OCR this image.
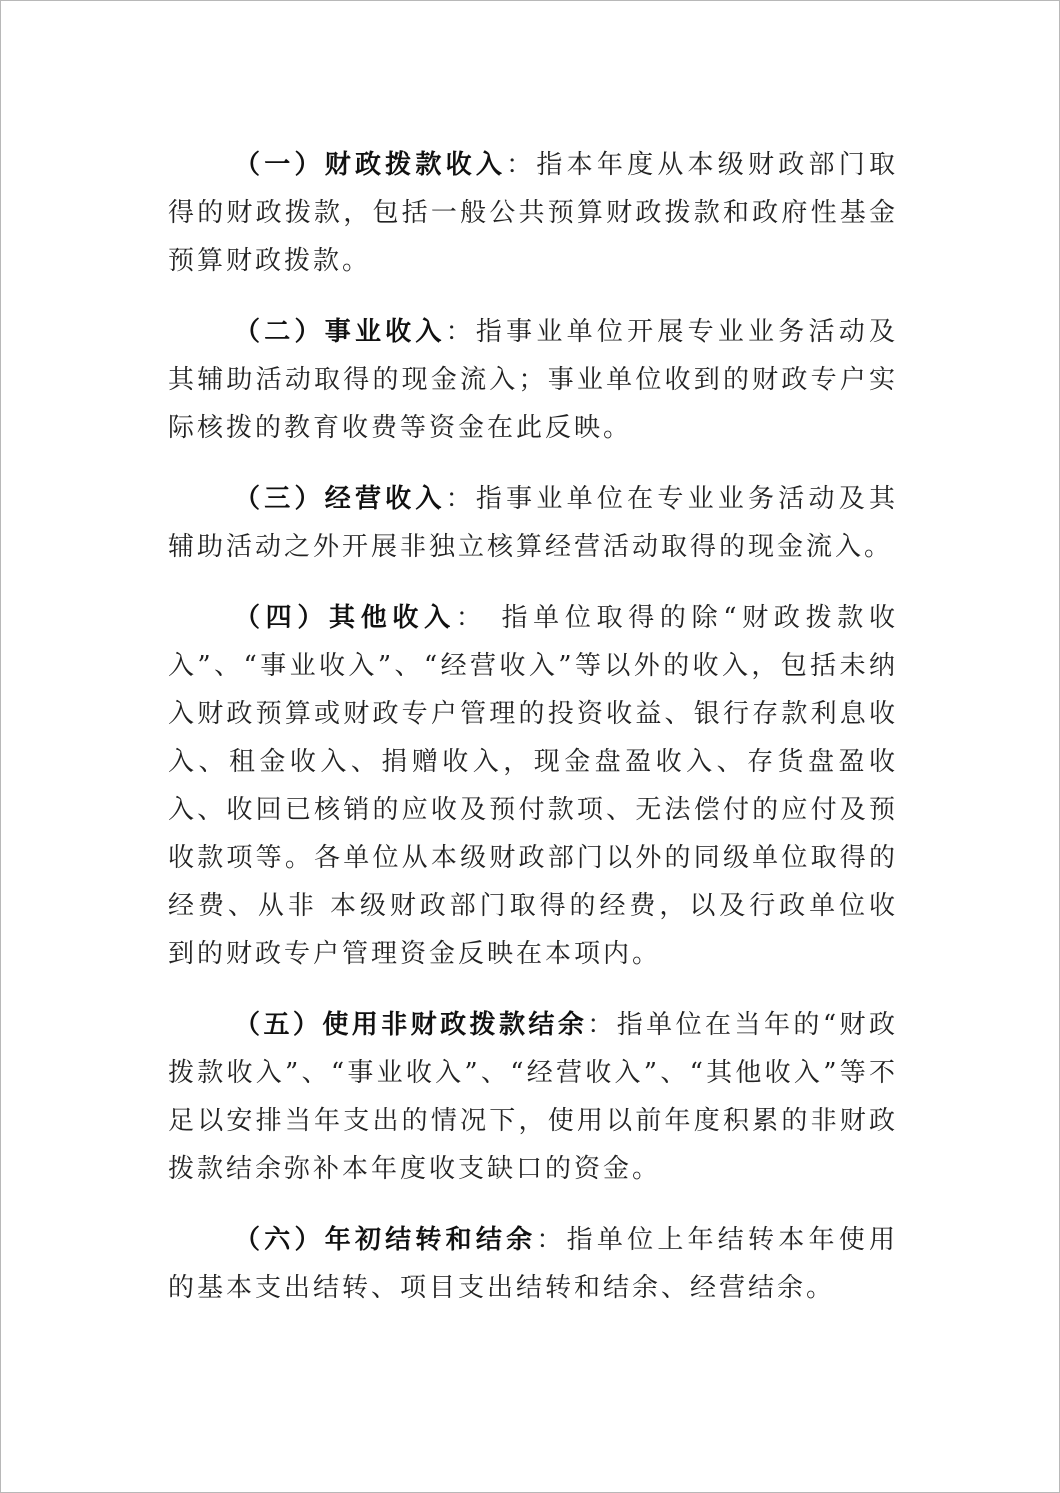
（一）财政拨款收入：指本年度从本级财政部门取得的财政拨款，包括一般公共预算财政拨款和政府性基金预算财政拨款。

（二）事业收入：指事业单位开展专业业务活动及其辅助活动取得的现金流入；事业单位收到的财政专户实际核拨的教育收费等资金在此反映。

（三）经营收入：指事业单位在专业业务活动及其辅助活动之外开展非独立核算经营活动取得的现金流入。

（四）其他收入： 指单位取得的除“财政拨款收入”、“事业收入”、“经营收入”等以外的收入，包括未纳入财政预算或财政专户管理的投资收益、银行存款利息收入、租金收入、捐赠收入，现金盘盈收入、存货盘盈收入、收回已核销的应收及预付款项、无法偿付的应付及预收款项等。各单位从本级财政部门以外的同级单位取得的经费、从非 本级财政部门取得的经费，以及行政单位收到的财政专户管理资金反映在本项内。

（五）使用非财政拨款结余：指单位在当年的“财政拨款收入”、“事业收入”、“经营收入”、“其他收入”等不足以安排当年支出的情况下，使用以前年度积累的非财政拨款结余弥补本年度收支缺口的资金。

（六）年初结转和结余：指单位上年结转本年使用的基本支出结转、项目支出结转和结余、经营结余。
